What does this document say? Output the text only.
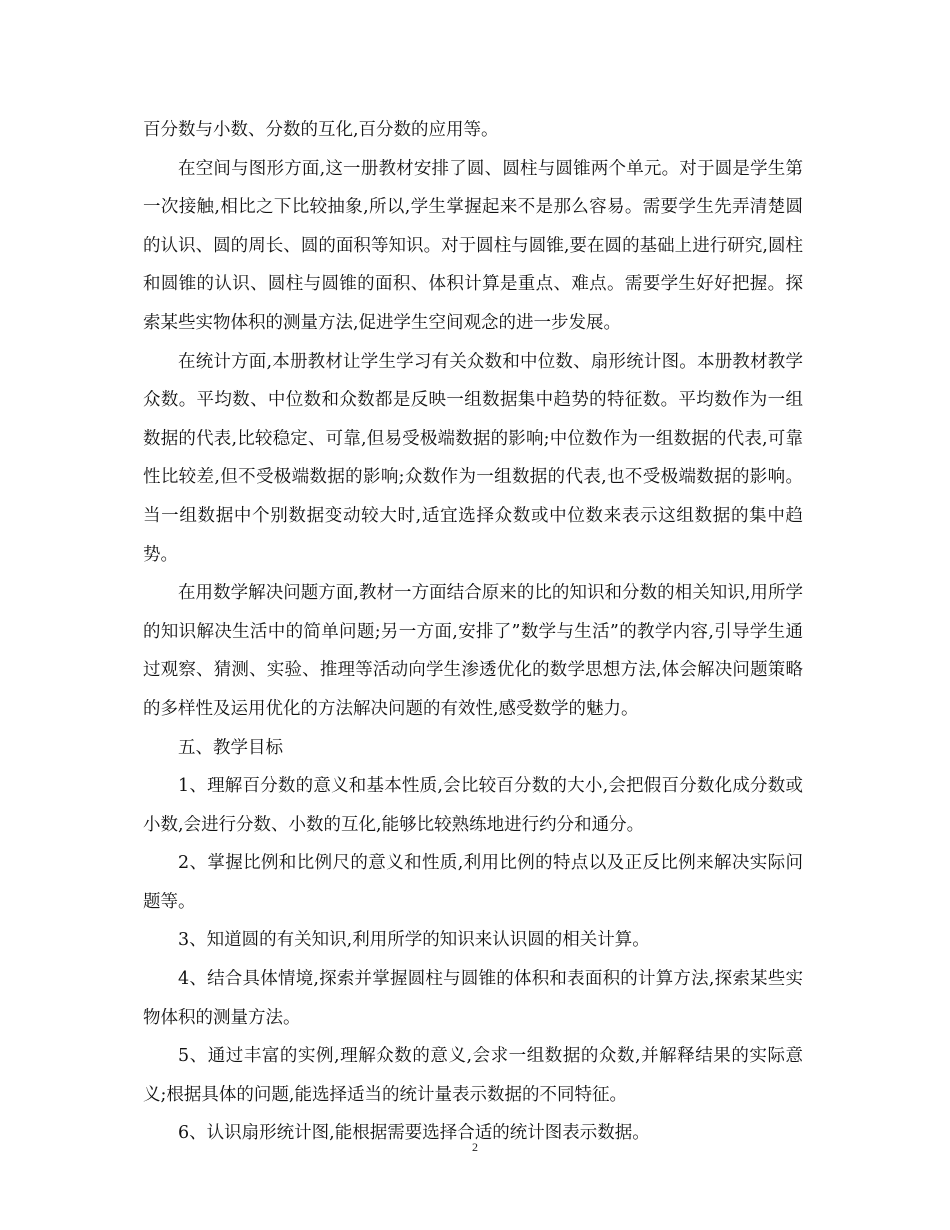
百分数与小数、分数的互化,百分数的应用等。

在空间与图形方面,这一册教材安排了圆、圆柱与圆锥两个单元。对于圆是学生第一次接触,相比之下比较抽象,所以,学生掌握起来不是那么容易。需要学生先弄清楚圆的认识、圆的周长、圆的面积等知识。对于圆柱与圆锥,要在圆的基础上进行研究,圆柱和圆锥的认识、圆柱与圆锥的面积、体积计算是重点、难点。需要学生好好把握。探索某些实物体积的测量方法,促进学生空间观念的进一步发展。

在统计方面,本册教材让学生学习有关众数和中位数、扇形统计图。本册教材教学众数。平均数、中位数和众数都是反映一组数据集中趋势的特征数。平均数作为一组数据的代表,比较稳定、可靠,但易受极端数据的影响;中位数作为一组数据的代表,可靠性比较差,但不受极端数据的影响;众数作为一组数据的代表,也不受极端数据的影响。当一组数据中个别数据变动较大时,适宜选择众数或中位数来表示这组数据的集中趋势。

在用数学解决问题方面,教材一方面结合原来的比的知识和分数的相关知识,用所学的知识解决生活中的简单问题;另一方面,安排了”数学与生活”的教学内容,引导学生通过观察、猜测、实验、推理等活动向学生渗透优化的数学思想方法,体会解决问题策略的多样性及运用优化的方法解决问题的有效性,感受数学的魅力。

五、教学目标

1、理解百分数的意义和基本性质,会比较百分数的大小,会把假百分数化成分数或小数,会进行分数、小数的互化,能够比较熟练地进行约分和通分。

2、掌握比例和比例尺的意义和性质,利用比例的特点以及正反比例来解决实际问题等。

3、知道圆的有关知识,利用所学的知识来认识圆的相关计算。

4、结合具体情境,探索并掌握圆柱与圆锥的体积和表面积的计算方法,探索某些实物体积的测量方法。

5、通过丰富的实例,理解众数的意义,会求一组数据的众数,并解释结果的实际意义;根据具体的问题,能选择适当的统计量表示数据的不同特征。

6、认识扇形统计图,能根据需要选择合适的统计图表示数据。

2
